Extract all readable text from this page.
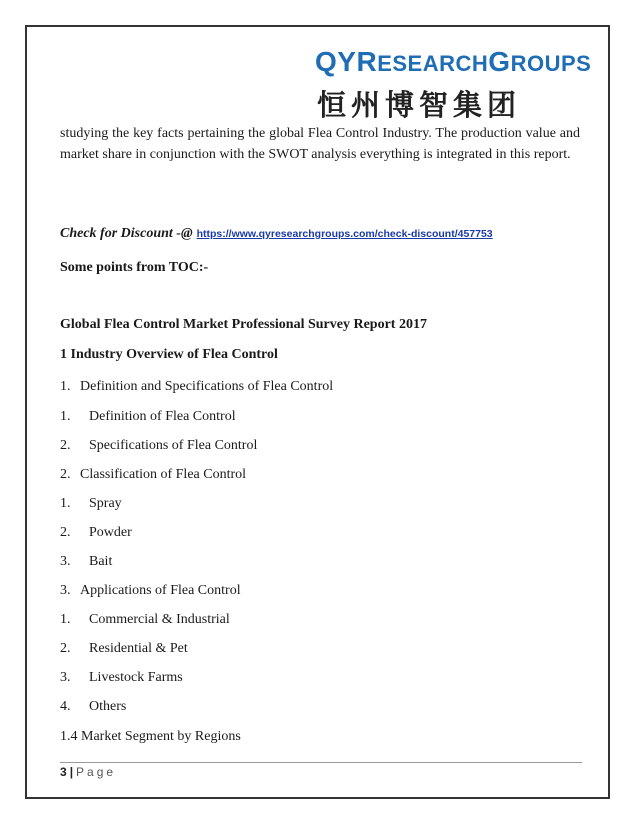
QYRESEARCHGROUPS
恒州博智集团

studying the key facts pertaining the global Flea Control Industry. The production value and market share in conjunction with the SWOT analysis everything is integrated in this report.

Check for Discount -@ https://www.qyresearchgroups.com/check-discount/457753
Some points from TOC:-
Global Flea Control Market Professional Survey Report 2017
1 Industry Overview of Flea Control
1. Definition and Specifications of Flea Control
1. Definition of Flea Control
2. Specifications of Flea Control
2. Classification of Flea Control
1. Spray
2. Powder
3. Bait
3. Applications of Flea Control
1. Commercial & Industrial
2. Residential & Pet
3. Livestock Farms
4. Others
1.4 Market Segment by Regions
3 | Page
